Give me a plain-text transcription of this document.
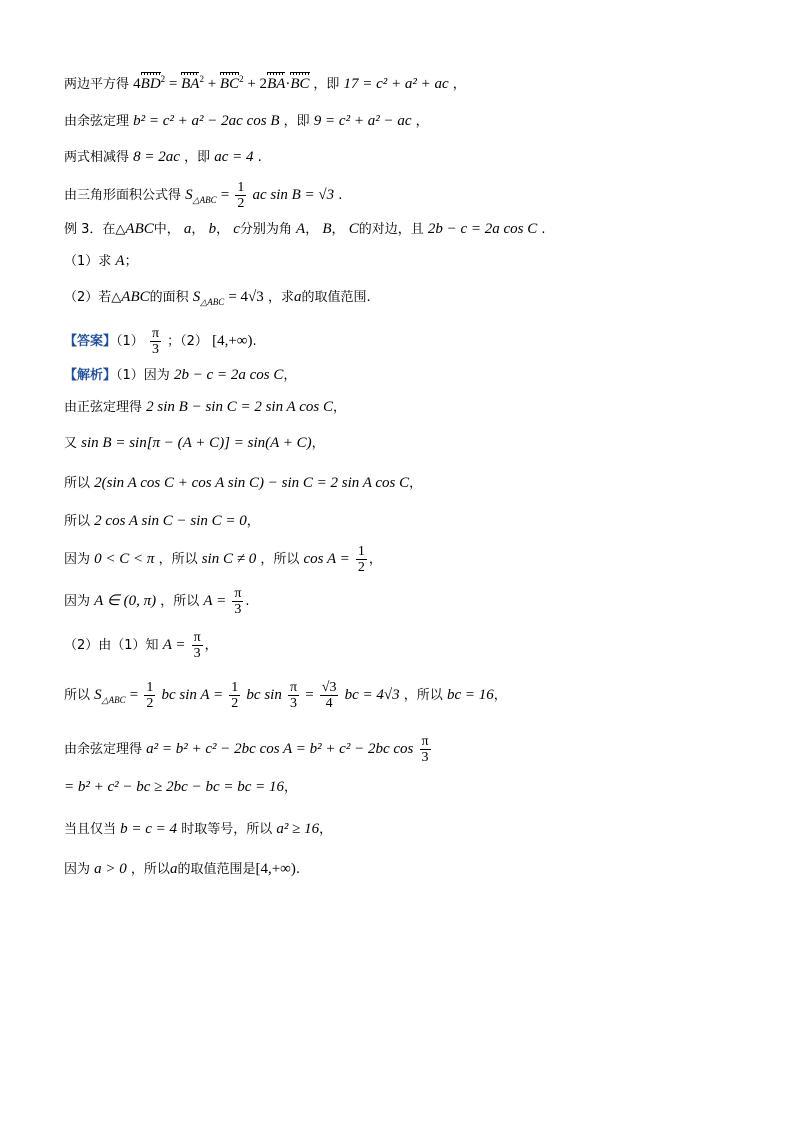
两边平方得 $4BD^2 = BA^2 + BC^2 + 2BA\cdot BC$ ，即 17 = c² + a² + ac ，
由余弦定理 b² = c² + a² − 2ac cos B ，即 9 = c² + a² − ac ，
两式相减得 8 = 2ac ，即 ac = 4 .
由三角形面积公式得 $S_{\triangle ABC} = \frac{1}{2}$ ac sin B = √3 .
例 3．在△ABC中， a， b， c分别为角 A， B， C的对边，且 2b − c = 2a cos C .
（1）求 A；
（2）若△ABC的面积 $S_{\triangle ABC} = 4√3$ ，求a的取值范围.
【答案】$(1) \frac{\pi}{3}$ ；（2） [4,+∞).
【解析】（1）因为 2b − c = 2a cos C，
由正弦定理得 2 sin B − sin C = 2 sin A cos C，
又 sin B = sin[π − (A + C)] = sin(A + C)，
所以 2(sin A cos C + cos A sin C) − sin C = 2 sin A cos C，
所以 2 cos A sin C − sin C = 0，
因为 0 < C < π ，所以 sin C ≠ 0 ，所以 $\cos A = \frac{1}{2}$ ，
因为 A ∈ (0, π) ，所以 $A = \frac{\pi}{3}$ .
（2）由（1）知 $A = \frac{\pi}{3}$ ，
所以 $S_{\triangle ABC} = \frac{1}{2}$ bc $\sin A = \frac{1}{2}$ bc $\sin \frac{\pi}{3} = \frac{√3}{4}$ bc = 4√3 ，所以 bc = 16，
由余弦定理得 a² = b² + c² − 2bc cos A = b² + c² − 2bc $\cos \frac{\pi}{3}$
= b² + c² − bc ≥ 2bc − bc = bc = 16，
当且仅当 b = c = 4 时取等号，所以 a² ≥ 16，
因为 a > 0 ，所以a的取值范围是[4,+∞).
